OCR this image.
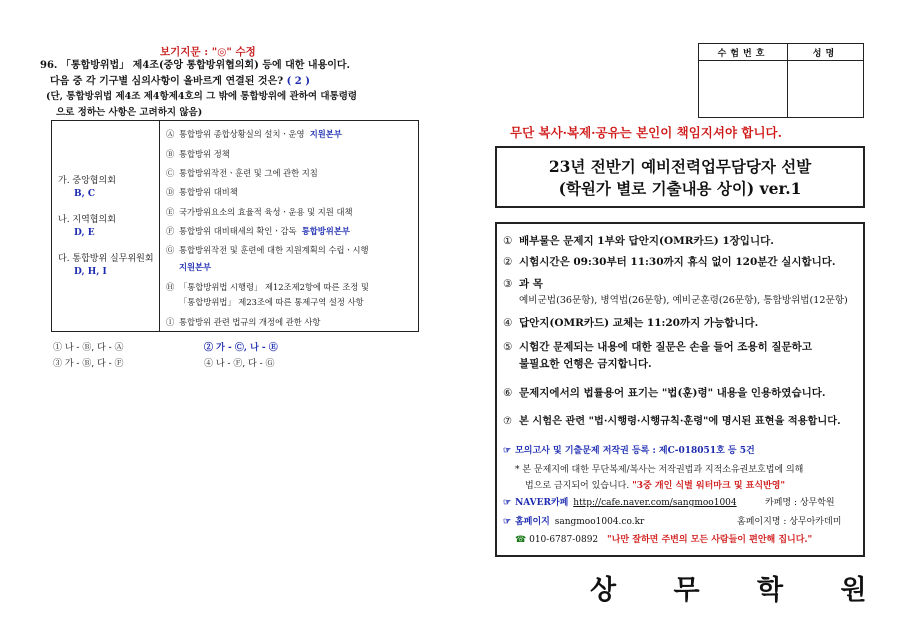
보기지문 : "◎" 수정
96. 「통합방위법」 제4조(중앙 통합방위협의회) 등에 대한 내용이다.
다음 중 각 기구별 심의사항이 올바르게 연결된 것은? ( 2 )
(단, 통합방위법 제4조 제4항제4호의 그 밖에 통합방위에 관하여 대통령령
으로 정하는 사항은 고려하지 않음)
가. 중앙협의회
B, C
나. 지역협의회
D, E
다. 통합방위 실무위원회
D, H, I

Ⓐ 통합방위 종합상황실의 설치ㆍ운영 지원본부
Ⓑ 통합방위 정책
Ⓒ 통합방위작전ㆍ훈련 및 그에 관한 지침
Ⓓ 통합방위 대비책
Ⓔ 국가방위요소의 효율적 육성ㆍ운용 및 지원 대책
Ⓕ 통합방위 대비태세의 확인ㆍ감독 통합방위본부
Ⓖ 통합방위작전 및 훈련에 대한 지원계획의 수립ㆍ시행
지원본부
Ⓗ 「통합방위법 시행령」 제12조제2항에 따른 조정 및
「통합방위법」 제23조에 따른 통제구역 설정 사항
Ⓘ 통합방위 관련 법규의 개정에 관한 사항
① 나 - Ⓑ, 다 - Ⓐ	② 가 - Ⓒ, 나 - Ⓔ
③ 가 - Ⓑ, 다 - Ⓕ	④ 나 - Ⓕ, 다 - Ⓖ
수험번호	성명

무단 복사·복제·공유는 본인이 책임지셔야 합니다.
23년 전반기 예비전력업무담당자 선발
(학원가 별로 기출내용 상이) ver.1
① 배부물은 문제지 1부와 답안지(OMR카드) 1장입니다.
② 시험시간은 09:30부터 11:30까지 휴식 없이 120분간 실시합니다.
③ 과 목
예비군법(36문항), 병역법(26문항), 예비군훈령(26문항), 통합방위법(12문항)
④ 답안지(OMR카드) 교체는 11:20까지 가능합니다.
⑤ 시험간 문제되는 내용에 대한 질문은 손을 들어 조용히 질문하고
불필요한 언행은 금지합니다.
⑥ 문제지에서의 법률용어 표기는 "법(훈)령" 내용을 인용하였습니다.
⑦ 본 시험은 관련 "법·시행령·시행규칙·훈령"에 명시된 표현을 적용합니다.
☞ 모의고사 및 기출문제 저작권 등록 : 제C-018051호 등 5건
* 본 문제지에 대한 무단복제/복사는 저작권법과 지적소유권보호법에 의해
법으로 금지되어 있습니다. "3중 개인 식별 워터마크 및 표식반영"
☞ NAVER카페 http://cafe.naver.com/sangmoo1004	카페명 : 상무학원
☞ 홈페이지 sangmoo1004.co.kr	홈페이지명 : 상무아카데미
☎ 010-6787-0892 "나만 잘하면 주변의 모든 사람들이 편안해 집니다."
상 무 학 원
